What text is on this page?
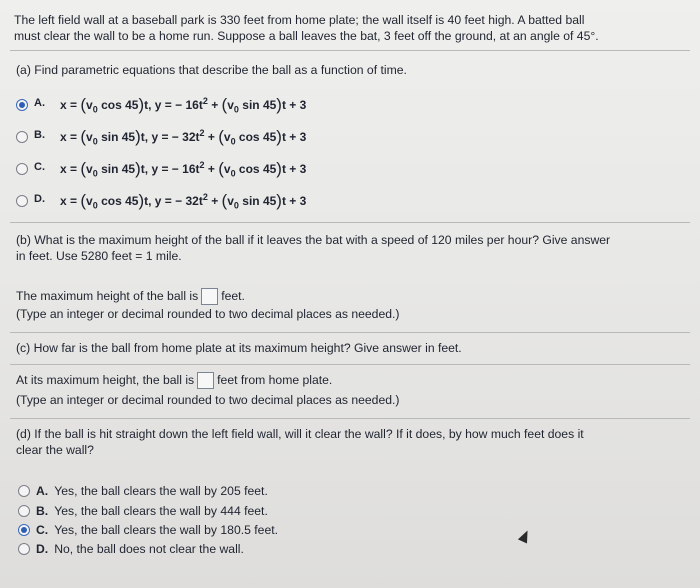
The left field wall at a baseball park is 330 feet from home plate; the wall itself is 40 feet high. A batted ball
must clear the wall to be a home run. Suppose a ball leaves the bat, 3 feet off the ground, at an angle of 45°.
(a) Find parametric equations that describe the ball as a function of time.
A. $x = (v_0$ cos 45)t, y = − $16t^2 + (v_0$ sin 45)t + 3
B. $x = (v_0$ sin 45)t, y = − $32t^2 + (v_0$ cos 45)t + 3
C. $x = (v_0$ sin 45)t, y = − $16t^2 + (v_0$ cos 45)t + 3
D. $x = (v_0$ cos 45)t, y = − $32t^2 + (v_0$ sin 45)t + 3
(b) What is the maximum height of the ball if it leaves the bat with a speed of 120 miles per hour? Give answer
in feet. Use 5280 feet = 1 mile.
The maximum height of the ball is feet.
(Type an integer or decimal rounded to two decimal places as needed.)
(c) How far is the ball from home plate at its maximum height? Give answer in feet.
At its maximum height, the ball is feet from home plate.
(Type an integer or decimal rounded to two decimal places as needed.)
(d) If the ball is hit straight down the left field wall, will it clear the wall? If it does, by how much feet does it
clear the wall?
A. Yes, the ball clears the wall by 205 feet.
B. Yes, the ball clears the wall by 444 feet.
C. Yes, the ball clears the wall by 180.5 feet.
D. No, the ball does not clear the wall.
